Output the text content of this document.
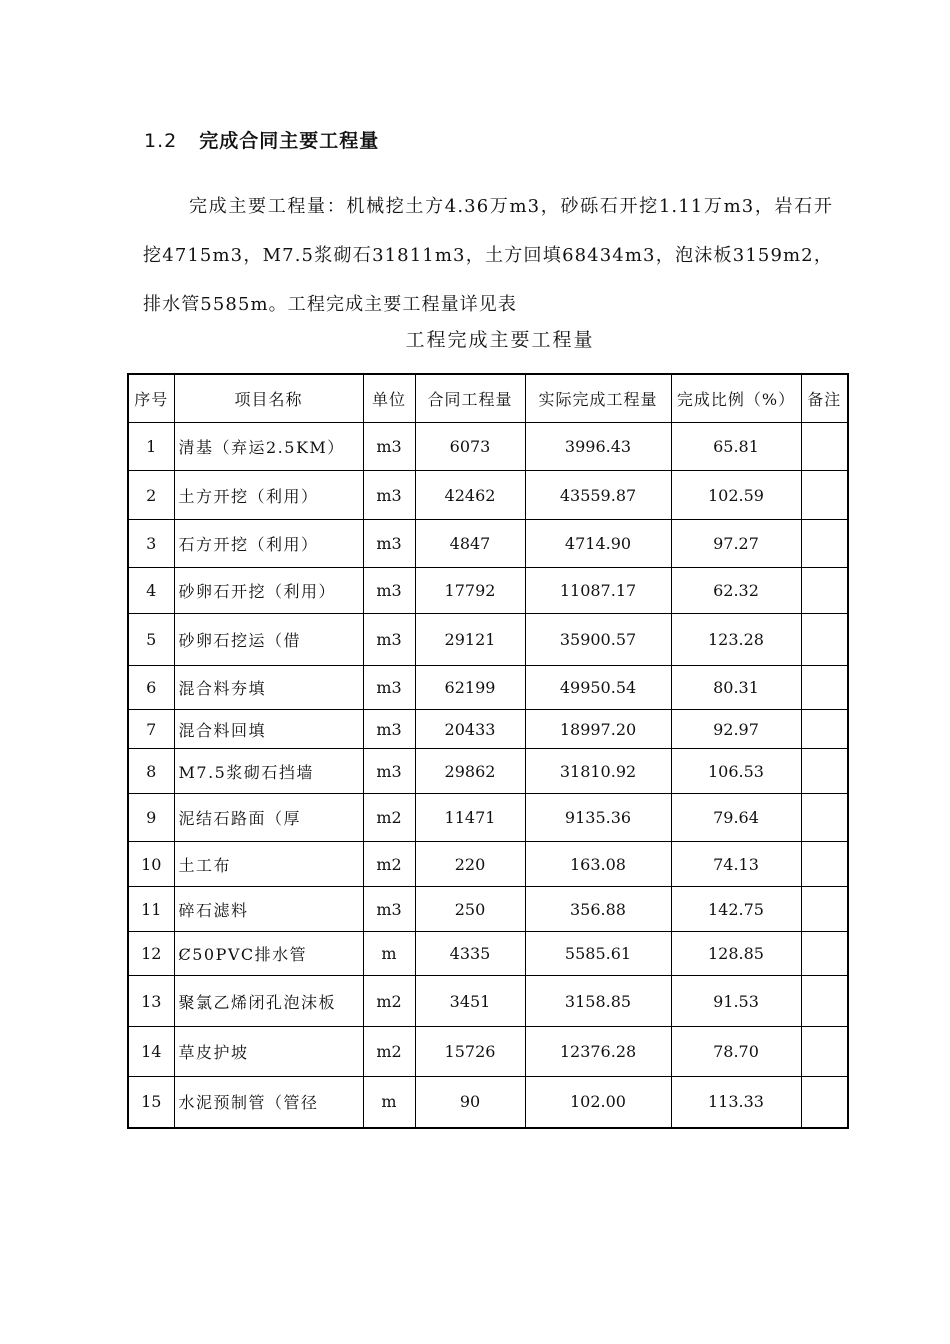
1.2 完成合同主要工程量
完成主要工程量：机械挖土方4.36万m3，砂砾石开挖1.11万m3，岩石开挖4715m3，M7.5浆砌石31811m3，土方回填68434m3，泡沫板3159m2，排水管5585m。工程完成主要工程量详见表
工程完成主要工程量
序号	项目名称	单位	合同工程量	实际完成工程量	完成比例（%）	备注
1	清基（弃运2.5KM）	m3	6073	3996.43	65.81	
2	土方开挖（利用）	m3	42462	43559.87	102.59	
3	石方开挖（利用）	m3	4847	4714.90	97.27	
4	砂卵石开挖（利用）	m3	17792	11087.17	62.32	
5	砂卵石挖运（借	m3	29121	35900.57	123.28	
6	混合料夯填	m3	62199	49950.54	80.31	
7	混合料回填	m3	20433	18997.20	92.97	
8	M7.5浆砌石挡墙	m3	29862	31810.92	106.53	
9	泥结石路面（厚	m2	11471	9135.36	79.64	
10	土工布	m2	220	163.08	74.13	
11	碎石滤料	m3	250	356.88	142.75	
12	Ȼ50PVC排水管	m	4335	5585.61	128.85	
13	聚氯乙烯闭孔泡沫板	m2	3451	3158.85	91.53	
14	草皮护坡	m2	15726	12376.28	78.70	
15	水泥预制管（管径	m	90	102.00	113.33	
